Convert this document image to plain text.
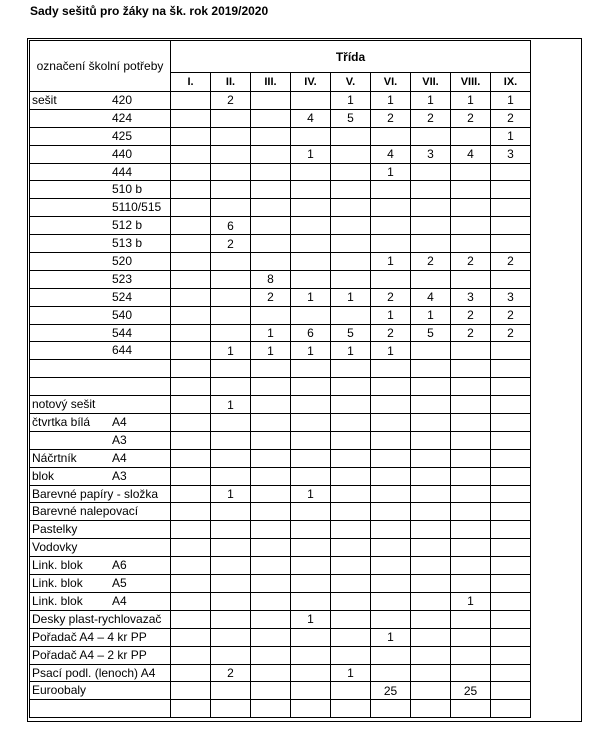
Sady sešitů pro žáky na šk. rok 2019/2020
označení školní potřeby	Třída								
	I.	II.	III.	IV.	V.	VI.	VII.	VIII.	IX.

sešit 420		2			1	1	1	1	1

424				4	5	2	2	2	2

425									1

440				1		4	3	4	3

444						1			

510 b									

5110/515									

512 b		6							

513 b		2							

520						1	2	2	2

523			8						

524			2	1	1	2	4	3	3

540						1	1	2	2

544			1	6	5	2	5	2	2

644		1	1	1	1	1			

notový sešit		1							

čtvrtka bílá A4									

A3									

Náčrtník A4									

blok A3									

Barevné papíry - složka		1		1					

Barevné nalepovací									

Pastelky									

Vodovky									

Link. blok A6									

Link. blok A5									

Link. blok A4								1	

Desky plast-rychlovazač				1					

Pořadač A4 – 4 kr PP						1			

Pořadač A4 – 2 kr PP									

Psací podl. (lenoch) A4		2			1				

Euroobaly						25		25	
